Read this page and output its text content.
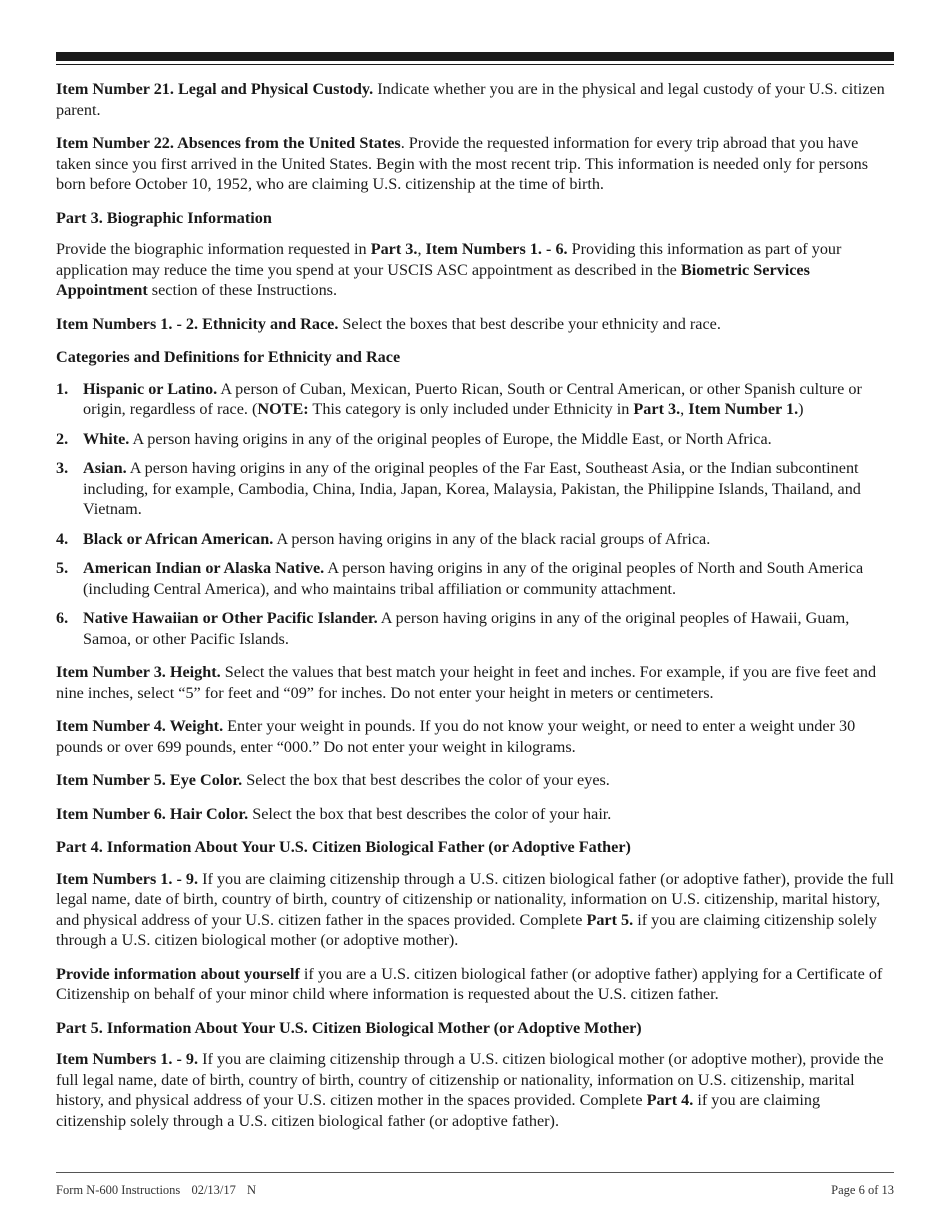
Item Number 21. Legal and Physical Custody. Indicate whether you are in the physical and legal custody of your U.S. citizen parent.

Item Number 22. Absences from the United States. Provide the requested information for every trip abroad that you have taken since you first arrived in the United States. Begin with the most recent trip. This information is needed only for persons born before October 10, 1952, who are claiming U.S. citizenship at the time of birth.

Part 3. Biographic Information

Provide the biographic information requested in Part 3., Item Numbers 1. - 6. Providing this information as part of your application may reduce the time you spend at your USCIS ASC appointment as described in the Biometric Services Appointment section of these Instructions.

Item Numbers 1. - 2. Ethnicity and Race. Select the boxes that best describe your ethnicity and race.

Categories and Definitions for Ethnicity and Race

1. Hispanic or Latino. A person of Cuban, Mexican, Puerto Rican, South or Central American, or other Spanish culture or origin, regardless of race. (NOTE: This category is only included under Ethnicity in Part 3., Item Number 1.)
2. White. A person having origins in any of the original peoples of Europe, the Middle East, or North Africa.
3. Asian. A person having origins in any of the original peoples of the Far East, Southeast Asia, or the Indian subcontinent including, for example, Cambodia, China, India, Japan, Korea, Malaysia, Pakistan, the Philippine Islands, Thailand, and Vietnam.
4. Black or African American. A person having origins in any of the black racial groups of Africa.
5. American Indian or Alaska Native. A person having origins in any of the original peoples of North and South America (including Central America), and who maintains tribal affiliation or community attachment.
6. Native Hawaiian or Other Pacific Islander. A person having origins in any of the original peoples of Hawaii, Guam, Samoa, or other Pacific Islands.

Item Number 3. Height. Select the values that best match your height in feet and inches. For example, if you are five feet and nine inches, select “5” for feet and “09” for inches. Do not enter your height in meters or centimeters.

Item Number 4. Weight. Enter your weight in pounds. If you do not know your weight, or need to enter a weight under 30 pounds or over 699 pounds, enter “000.” Do not enter your weight in kilograms.

Item Number 5. Eye Color. Select the box that best describes the color of your eyes.

Item Number 6. Hair Color. Select the box that best describes the color of your hair.

Part 4. Information About Your U.S. Citizen Biological Father (or Adoptive Father)

Item Numbers 1. - 9. If you are claiming citizenship through a U.S. citizen biological father (or adoptive father), provide the full legal name, date of birth, country of birth, country of citizenship or nationality, information on U.S. citizenship, marital history, and physical address of your U.S. citizen father in the spaces provided. Complete Part 5. if you are claiming citizenship solely through a U.S. citizen biological mother (or adoptive mother).

Provide information about yourself if you are a U.S. citizen biological father (or adoptive father) applying for a Certificate of Citizenship on behalf of your minor child where information is requested about the U.S. citizen father.

Part 5. Information About Your U.S. Citizen Biological Mother (or Adoptive Mother)

Item Numbers 1. - 9. If you are claiming citizenship through a U.S. citizen biological mother (or adoptive mother), provide the full legal name, date of birth, country of birth, country of citizenship or nationality, information on U.S. citizenship, marital history, and physical address of your U.S. citizen mother in the spaces provided. Complete Part 4. if you are claiming citizenship solely through a U.S. citizen biological father (or adoptive father).

Form N-600 Instructions 02/13/17 N	Page 6 of 13
